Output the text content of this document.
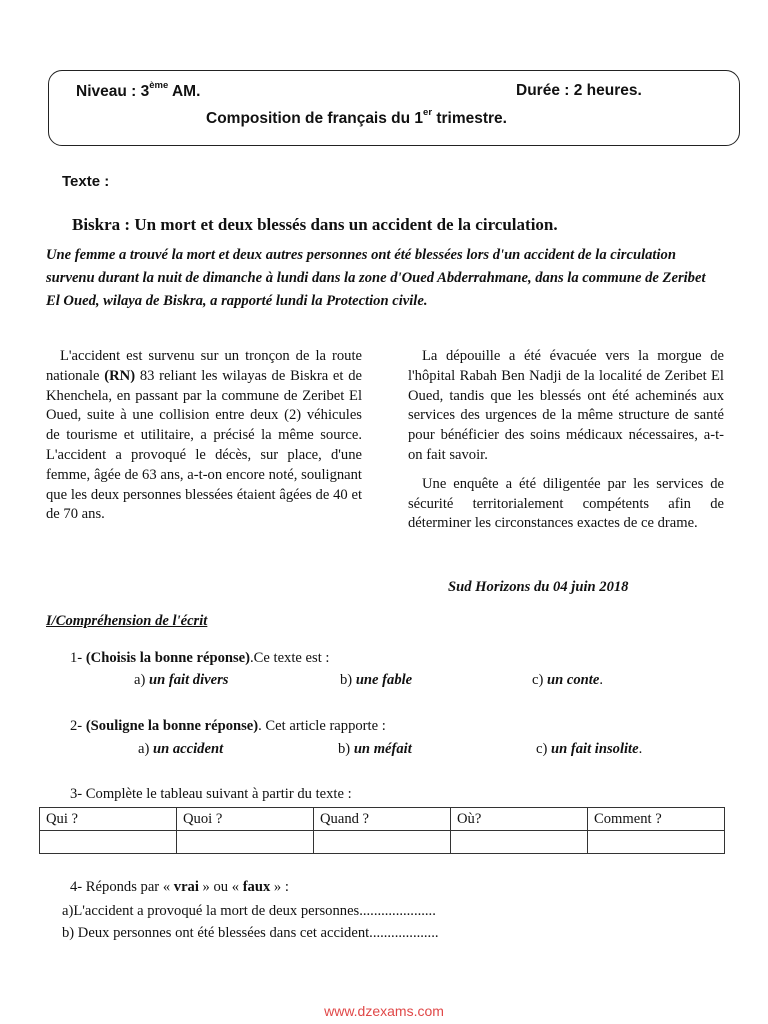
Niveau : 3ème AM.	Durée : 2 heures.
Composition de français du 1er trimestre.
Texte :
Biskra : Un mort et deux blessés dans un accident de la circulation.
Une femme a trouvé la mort et deux autres personnes ont été blessées lors d'un accident de la circulation survenu durant la nuit de dimanche à lundi dans la zone d'Oued Abderrahmane, dans la commune de Zeribet El Oued, wilaya de Biskra, a rapporté lundi la Protection civile.

L'accident est survenu sur un tronçon de la route nationale (RN) 83 reliant les wilayas de Biskra et de Khenchela, en passant par la commune de Zeribet El Oued, suite à une collision entre deux (2) véhicules de tourisme et utilitaire, a précisé la même source. L'accident a provoqué le décès, sur place, d'une femme, âgée de 63 ans, a-t-on encore noté, soulignant que les deux personnes blessées étaient âgées de 40 et de 70 ans.

La dépouille a été évacuée vers la morgue de l'hôpital Rabah Ben Nadji de la localité de Zeribet El Oued, tandis que les blessés ont été acheminés aux services des urgences de la même structure de santé pour bénéficier des soins médicaux nécessaires, a-t-on fait savoir.

Une enquête a été diligentée par les services de sécurité territorialement compétents afin de déterminer les circonstances exactes de ce drame.

Sud Horizons du 04 juin 2018
I/Compréhension de l'écrit
1- (Choisis la bonne réponse).Ce texte est :
a) un fait divers	b) une fable	c) un conte.
2- (Souligne la bonne réponse). Cet article rapporte :
a) un accident	b) un méfait	c) un fait insolite.
3- Complète le tableau suivant à partir du texte :
Qui ?	Quoi ?	Quand ?	Où?	Comment ?

4- Réponds par « vrai » ou « faux » :
a)L'accident a provoqué la mort de deux personnes.....................
b) Deux personnes ont été blessées dans cet accident...................
www.dzexams.com
